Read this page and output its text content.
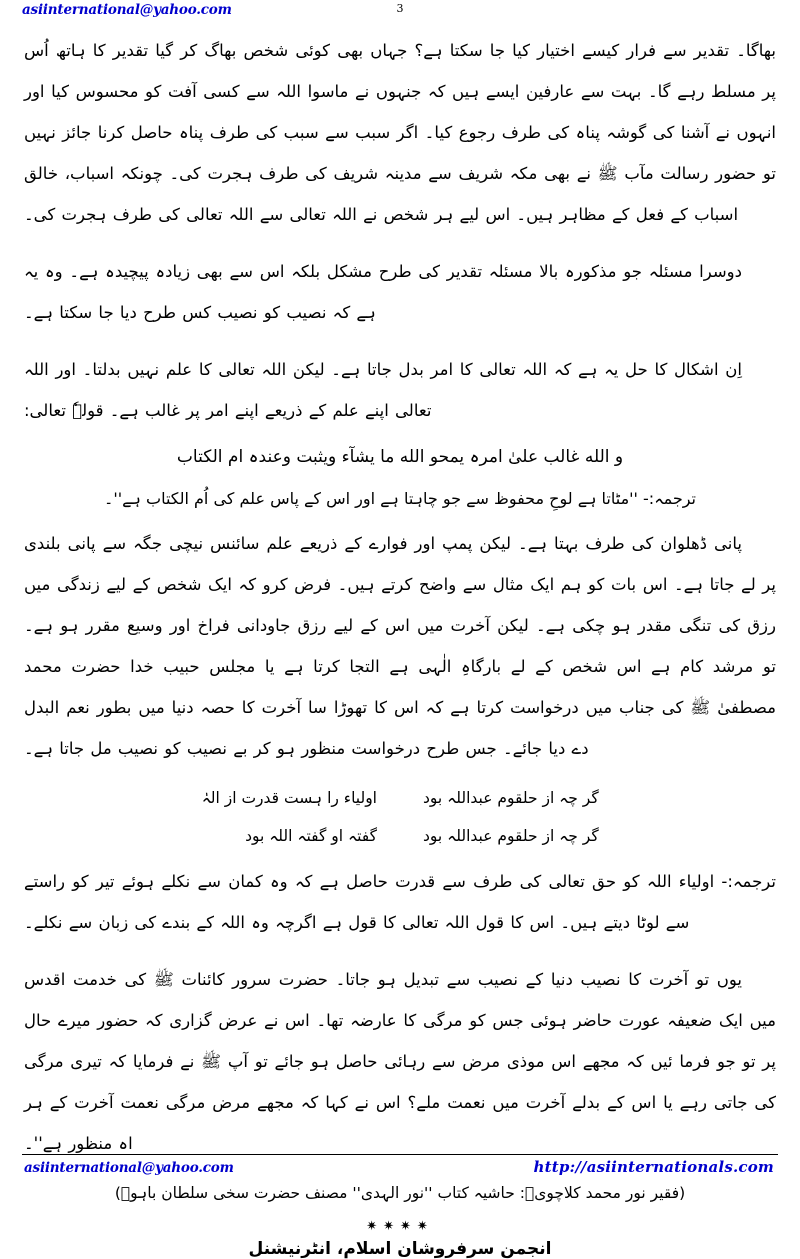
asiinternational@yahoo.com	3

بھاگا۔ تقدیر سے فرار کیسے اختیار کیا جا سکتا ہے؟ جہاں بھی کوئی شخص بھاگ کر گیا تقدیر کا ہاتھ اُس پر مسلط رہے گا۔ بہت سے عارفین ایسے ہیں کہ جنہوں نے ماسوا اللہ سے کسی آفت کو محسوس کیا اور انہوں نے آشنا کی گوشہ پناہ کی طرف رجوع کیا۔ اگر سبب سے سبب کی طرف پناہ حاصل کرنا جائز نہیں تو حضور رسالت مآب ﷺ نے بھی مکہ شریف سے مدینہ شریف کی طرف ہجرت کی۔ چونکہ اسباب، خالق اسباب کے فعل کے مظاہر ہیں۔ اس لیے ہر شخص نے اللہ تعالی سے اللہ تعالی کی طرف ہجرت کی۔

دوسرا مسئلہ جو مذکورہ بالا مسئلہ تقدیر کی طرح مشکل بلکہ اس سے بھی زیادہ پیچیدہ ہے۔ وہ یہ ہے کہ نصیب کو نصیب کس طرح دیا جا سکتا ہے۔

اِن اشکال کا حل یہ ہے کہ اللہ تعالی کا امر بدل جاتا ہے۔ لیکن اللہ تعالی کا علم نہیں بدلتا۔ اور اللہ تعالی اپنے علم کے ذریعے اپنے امر پر غالب ہے۔ قولہٗ تعالی:

و الله غالب علىٰ امرہ یمحو الله ما یشآء ویثبت وعندہ ام الکتاب
ترجمہ:- ''مٹاتا ہے لوحِ محفوظ سے جو چاہتا ہے اور اس کے پاس علم کی اُم الکتاب ہے''۔

پانی ڈھلوان کی طرف بہتا ہے۔ لیکن پمپ اور فوارے کے ذریعے علم سائنس نیچی جگہ سے پانی بلندی پر لے جاتا ہے۔ اس بات کو ہم ایک مثال سے واضح کرتے ہیں۔ فرض کرو کہ ایک شخص کے لیے زندگی میں رزق کی تنگی مقدر ہو چکی ہے۔ لیکن آخرت میں اس کے لیے رزق جاودانی فراخ اور وسیع مقرر ہو ہے۔ تو مرشد کام ہے اس شخص کے لے بارگاہِ الٰہی ہے التجا کرتا ہے یا مجلس حبیب خدا حضرت محمد مصطفیٰ ﷺ کی جناب میں درخواست کرتا ہے کہ اس کا تھوڑا سا آخرت کا حصہ دنیا میں بطور نعم البدل دے دیا جائے۔ جس طرح درخواست منظور ہو کر بے نصیب کو نصیب مل جاتا ہے۔

گر چہ از حلقوم عبداللہ بود
اولیاء را ہست قدرت از الہٰ
گر چہ از حلقوم عبداللہ بود
گفتہ او گفتہ اللہ بود

ترجمہ:- اولیاء اللہ کو حق تعالی کی طرف سے قدرت حاصل ہے کہ وہ کمان سے نکلے ہوئے تیر کو راستے سے لوٹا دیتے ہیں۔ اس کا قول اللہ تعالی کا قول ہے اگرچہ وہ اللہ کے بندے کی زبان سے نکلے۔

یوں تو آخرت کا نصیب دنیا کے نصیب سے تبدیل ہو جاتا۔ حضرت سرور کائنات ﷺ کی خدمت اقدس میں ایک ضعیفہ عورت حاضر ہوئی جس کو مرگی کا عارضہ تھا۔ اس نے عرض گزاری کہ حضور میرے حال پر تو جو فرما ئیں کہ مجھے اس موذی مرض سے رہائی حاصل ہو جائے تو آپ ﷺ نے فرمایا کہ تیری مرگی کی جاتی رہے یا اس کے بدلے آخرت میں نعمت ملے؟ اس نے کہا کہ مجھے مرض مرگی نعمت آخرت کے ہر اہ منظور ہے''۔

(فقیر نور محمد کلاچویؒ: حاشیہ کتاب ''نور الہدی'' مصنف حضرت سخی سلطان باہوؒ)
✷✷✷✷
انجمن سرفروشان اسلام، انٹرنیشنل
asiinternational@yahoo.com	http://asiinternationals.com
